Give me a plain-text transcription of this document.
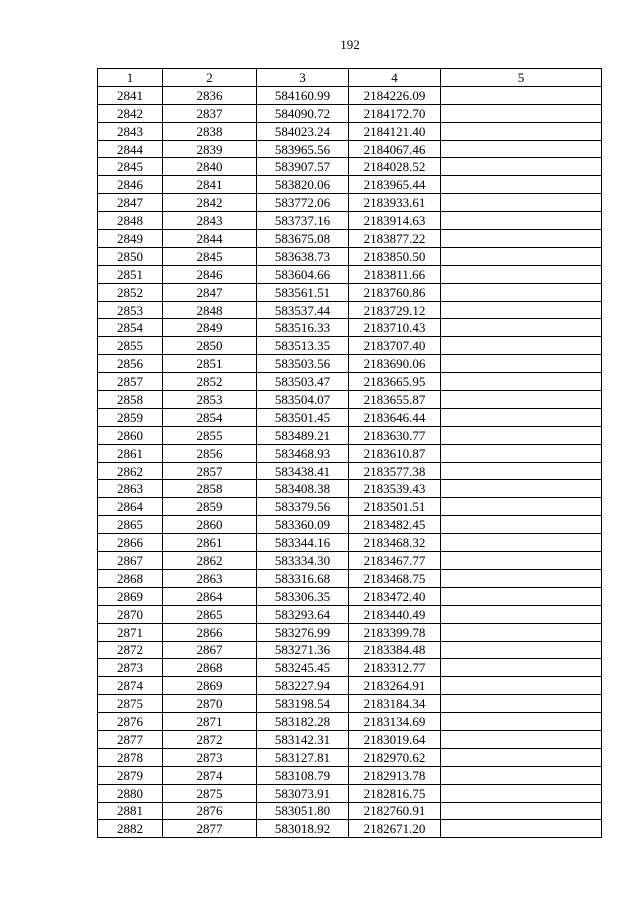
192
1	2	3	4	5
2841	2836	584160.99	2184226.09	
2842	2837	584090.72	2184172.70	
2843	2838	584023.24	2184121.40	
2844	2839	583965.56	2184067.46	
2845	2840	583907.57	2184028.52	
2846	2841	583820.06	2183965.44	
2847	2842	583772.06	2183933.61	
2848	2843	583737.16	2183914.63	
2849	2844	583675.08	2183877.22	
2850	2845	583638.73	2183850.50	
2851	2846	583604.66	2183811.66	
2852	2847	583561.51	2183760.86	
2853	2848	583537.44	2183729.12	
2854	2849	583516.33	2183710.43	
2855	2850	583513.35	2183707.40	
2856	2851	583503.56	2183690.06	
2857	2852	583503.47	2183665.95	
2858	2853	583504.07	2183655.87	
2859	2854	583501.45	2183646.44	
2860	2855	583489.21	2183630.77	
2861	2856	583468.93	2183610.87	
2862	2857	583438.41	2183577.38	
2863	2858	583408.38	2183539.43	
2864	2859	583379.56	2183501.51	
2865	2860	583360.09	2183482.45	
2866	2861	583344.16	2183468.32	
2867	2862	583334.30	2183467.77	
2868	2863	583316.68	2183468.75	
2869	2864	583306.35	2183472.40	
2870	2865	583293.64	2183440.49	
2871	2866	583276.99	2183399.78	
2872	2867	583271.36	2183384.48	
2873	2868	583245.45	2183312.77	
2874	2869	583227.94	2183264.91	
2875	2870	583198.54	2183184.34	
2876	2871	583182.28	2183134.69	
2877	2872	583142.31	2183019.64	
2878	2873	583127.81	2182970.62	
2879	2874	583108.79	2182913.78	
2880	2875	583073.91	2182816.75	
2881	2876	583051.80	2182760.91	
2882	2877	583018.92	2182671.20	
